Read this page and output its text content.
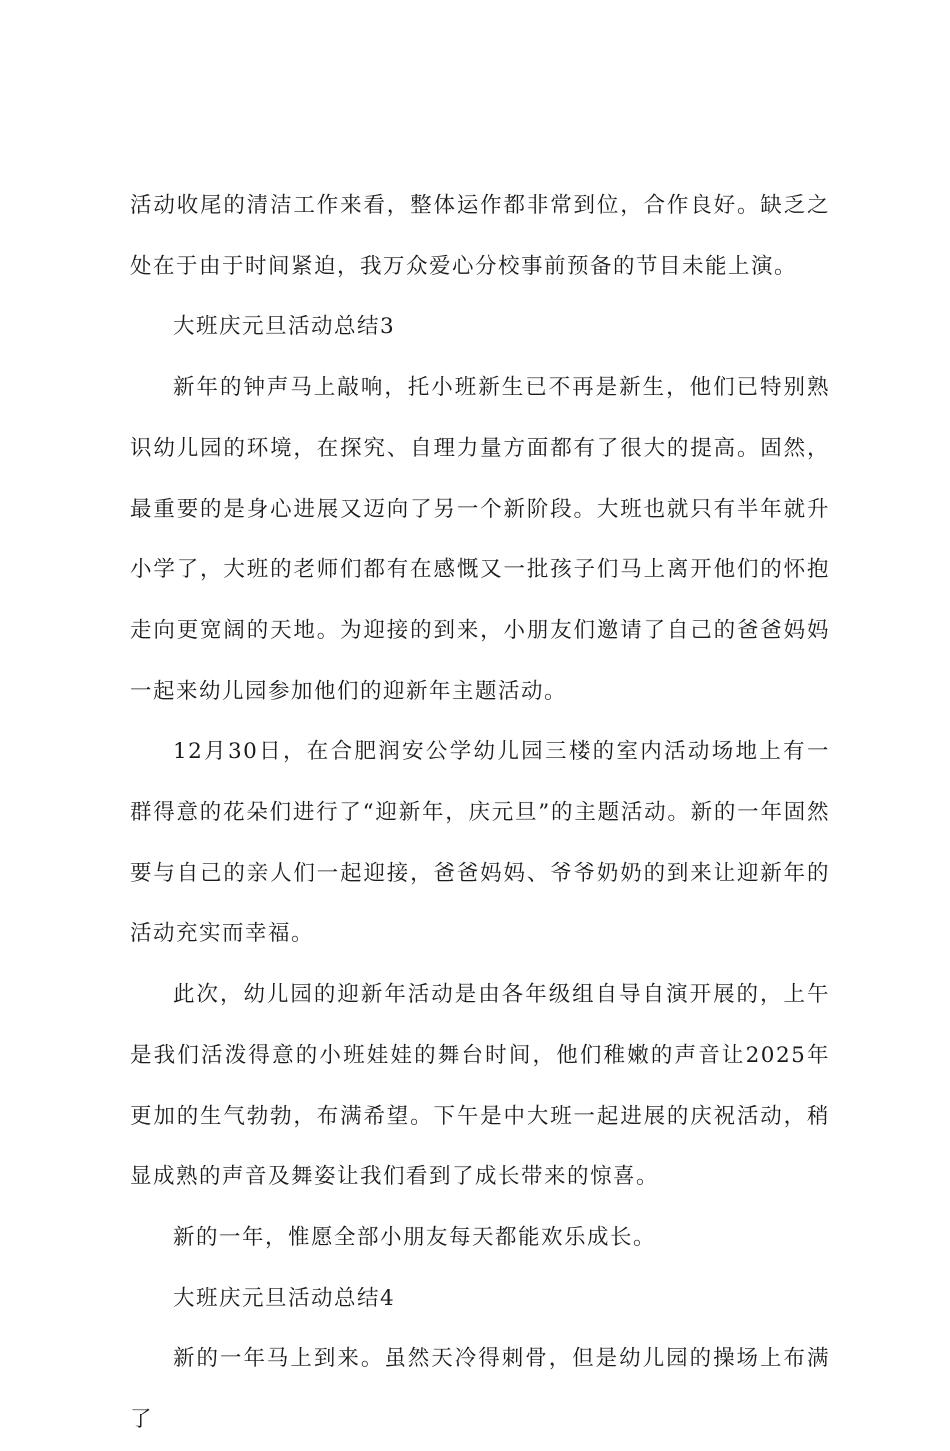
活动收尾的清洁工作来看，整体运作都非常到位，合作良好。缺乏之处在于由于时间紧迫，我万众爱心分校事前预备的节目未能上演。

大班庆元旦活动总结3

新年的钟声马上敲响，托小班新生已不再是新生，他们已特别熟识幼儿园的环境，在探究、自理力量方面都有了很大的提高。固然，最重要的是身心进展又迈向了另一个新阶段。大班也就只有半年就升小学了，大班的老师们都有在感慨又一批孩子们马上离开他们的怀抱走向更宽阔的天地。为迎接的到来，小朋友们邀请了自己的爸爸妈妈一起来幼儿园参加他们的迎新年主题活动。

12月30日，在合肥润安公学幼儿园三楼的室内活动场地上有一群得意的花朵们进行了“迎新年，庆元旦”的主题活动。新的一年固然要与自己的亲人们一起迎接，爸爸妈妈、爷爷奶奶的到来让迎新年的活动充实而幸福。

此次，幼儿园的迎新年活动是由各年级组自导自演开展的，上午是我们活泼得意的小班娃娃的舞台时间，他们稚嫩的声音让2025年更加的生气勃勃，布满希望。下午是中大班一起进展的庆祝活动，稍显成熟的声音及舞姿让我们看到了成长带来的惊喜。

新的一年，惟愿全部小朋友每天都能欢乐成长。

大班庆元旦活动总结4

新的一年马上到来。虽然天冷得刺骨，但是幼儿园的操场上布满了
